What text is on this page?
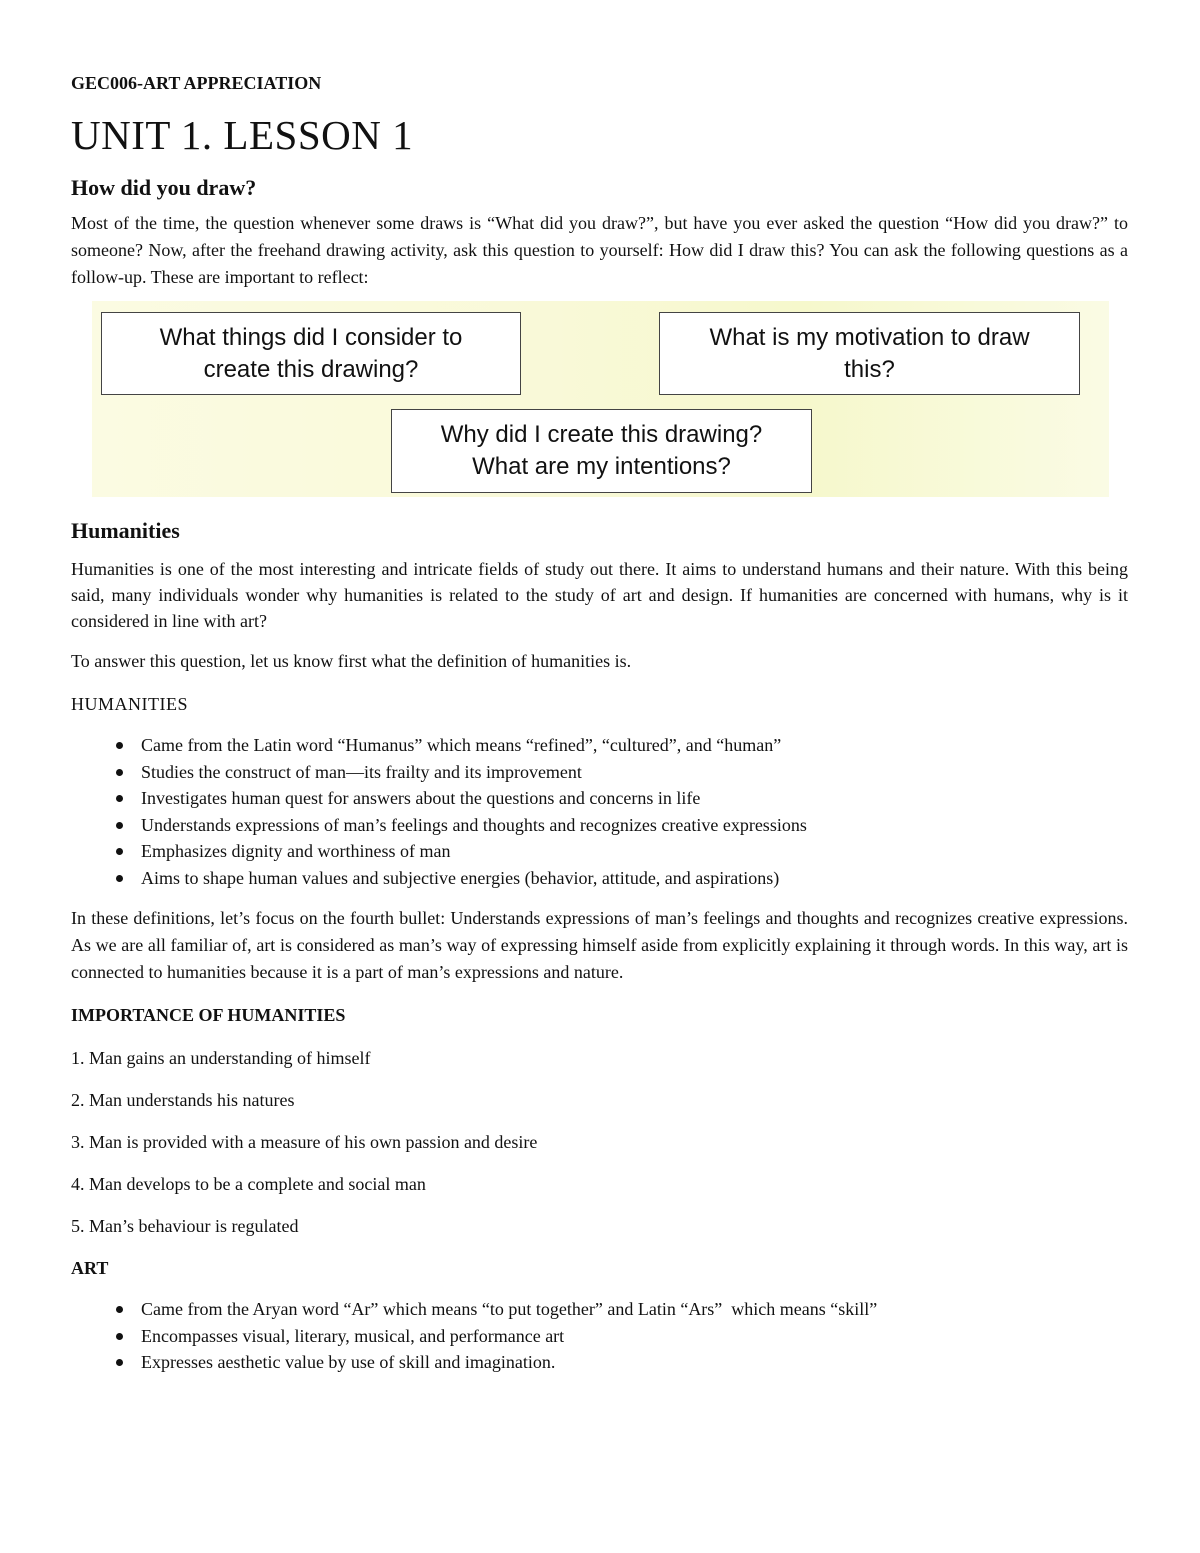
GEC006-ART APPRECIATION

UNIT 1. LESSON 1
How did you draw?

Most of the time, the question whenever some draws is “What did you draw?”, but have you ever asked the question “How did you draw?” to someone? Now, after the freehand drawing activity, ask this question to yourself: How did I draw this? You can ask the following questions as a follow-up. These are important to reflect:

What things did I consider to
create this drawing?
What is my motivation to draw
this?
Why did I create this drawing?
What are my intentions?
Humanities

Humanities is one of the most interesting and intricate fields of study out there. It aims to understand humans and their nature. With this being said, many individuals wonder why humanities is related to the study of art and design. If humanities are concerned with humans, why is it considered in line with art?

To answer this question, let us know first what the definition of humanities is.

HUMANITIES

Came from the Latin word “Humanus” which means “refined”, “cultured”, and “human”
Studies the construct of man—its frailty and its improvement
Investigates human quest for answers about the questions and concerns in life
Understands expressions of man’s feelings and thoughts and recognizes creative expressions
Emphasizes dignity and worthiness of man
Aims to shape human values and subjective energies (behavior, attitude, and aspirations)

In these definitions, let’s focus on the fourth bullet: Understands expressions of man’s feelings and thoughts and recognizes creative expressions. As we are all familiar of, art is considered as man’s way of expressing himself aside from explicitly explaining it through words. In this way, art is connected to humanities because it is a part of man’s expressions and nature.

IMPORTANCE OF HUMANITIES

1. Man gains an understanding of himself

2. Man understands his natures

3. Man is provided with a measure of his own passion and desire

4. Man develops to be a complete and social man

5. Man’s behaviour is regulated

ART

Came from the Aryan word “Ar” which means “to put together” and Latin “Ars”  which means “skill”
Encompasses visual, literary, musical, and performance art
Expresses aesthetic value by use of skill and imagination.
